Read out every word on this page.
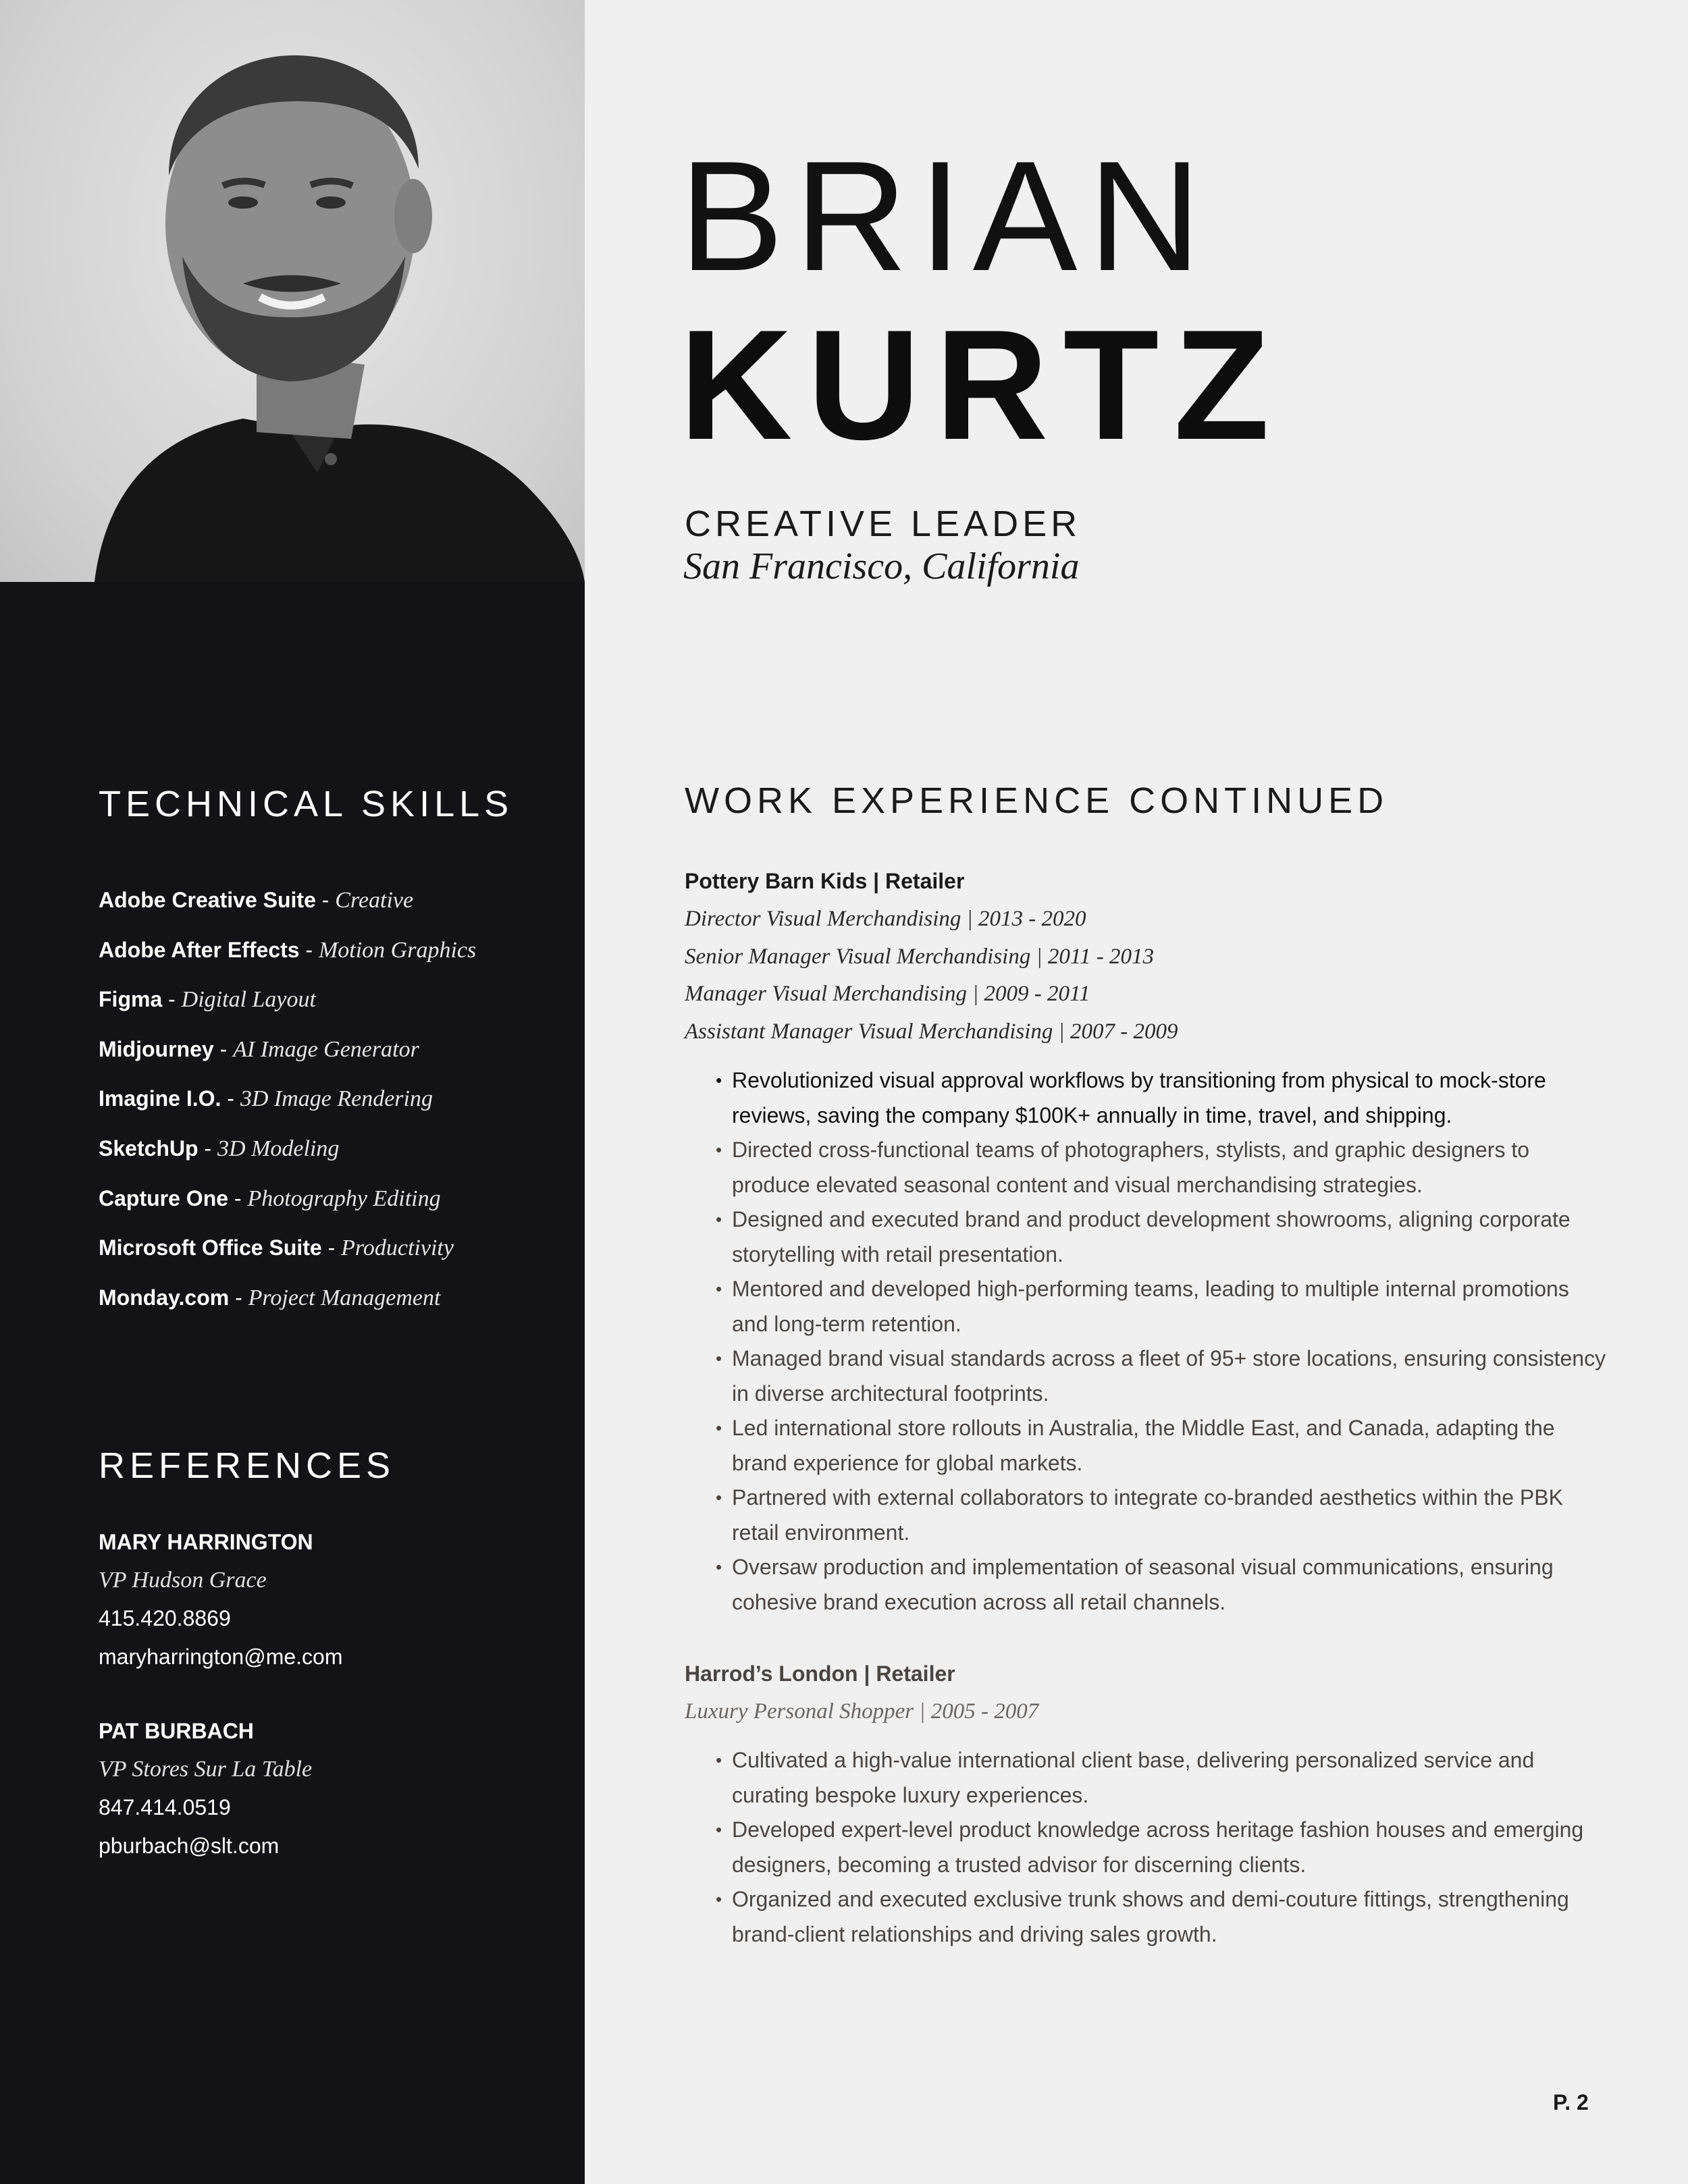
TECHNICAL SKILLS
Adobe Creative Suite - Creative
Adobe After Effects - Motion Graphics
Figma - Digital Layout
Midjourney - AI Image Generator
Imagine I.O. - 3D Image Rendering
SketchUp - 3D Modeling
Capture One - Photography Editing
Microsoft Office Suite - Productivity
Monday.com - Project Management
REFERENCES
MARY HARRINGTON
VP Hudson Grace
415.420.8869
maryharrington@me.com
PAT BURBACH
VP Stores Sur La Table
847.414.0519
pburbach@slt.com
BRIAN
KURTZ
CREATIVE LEADER
San Francisco, California
WORK EXPERIENCE CONTINUED
Pottery Barn Kids | Retailer
Director Visual Merchandising | 2013 - 2020
Senior Manager Visual Merchandising | 2011 - 2013
Manager Visual Merchandising | 2009 - 2011
Assistant Manager Visual Merchandising | 2007 - 2009
• Revolutionized visual approval workflows by transitioning from physical to mock-store reviews, saving the company $100K+ annually in time, travel, and shipping.
• Directed cross-functional teams of photographers, stylists, and graphic designers to produce elevated seasonal content and visual merchandising strategies.
• Designed and executed brand and product development showrooms, aligning corporate storytelling with retail presentation.
• Mentored and developed high-performing teams, leading to multiple internal promotions and long-term retention.
• Managed brand visual standards across a fleet of 95+ store locations, ensuring consistency in diverse architectural footprints.
• Led international store rollouts in Australia, the Middle East, and Canada, adapting the brand experience for global markets.
• Partnered with external collaborators to integrate co-branded aesthetics within the PBK retail environment.
• Oversaw production and implementation of seasonal visual communications, ensuring cohesive brand execution across all retail channels.
Harrod’s London | Retailer
Luxury Personal Shopper | 2005 - 2007
• Cultivated a high-value international client base, delivering personalized service and curating bespoke luxury experiences.
• Developed expert-level product knowledge across heritage fashion houses and emerging designers, becoming a trusted advisor for discerning clients.
• Organized and executed exclusive trunk shows and demi-couture fittings, strengthening brand-client relationships and driving sales growth.
P. 2
